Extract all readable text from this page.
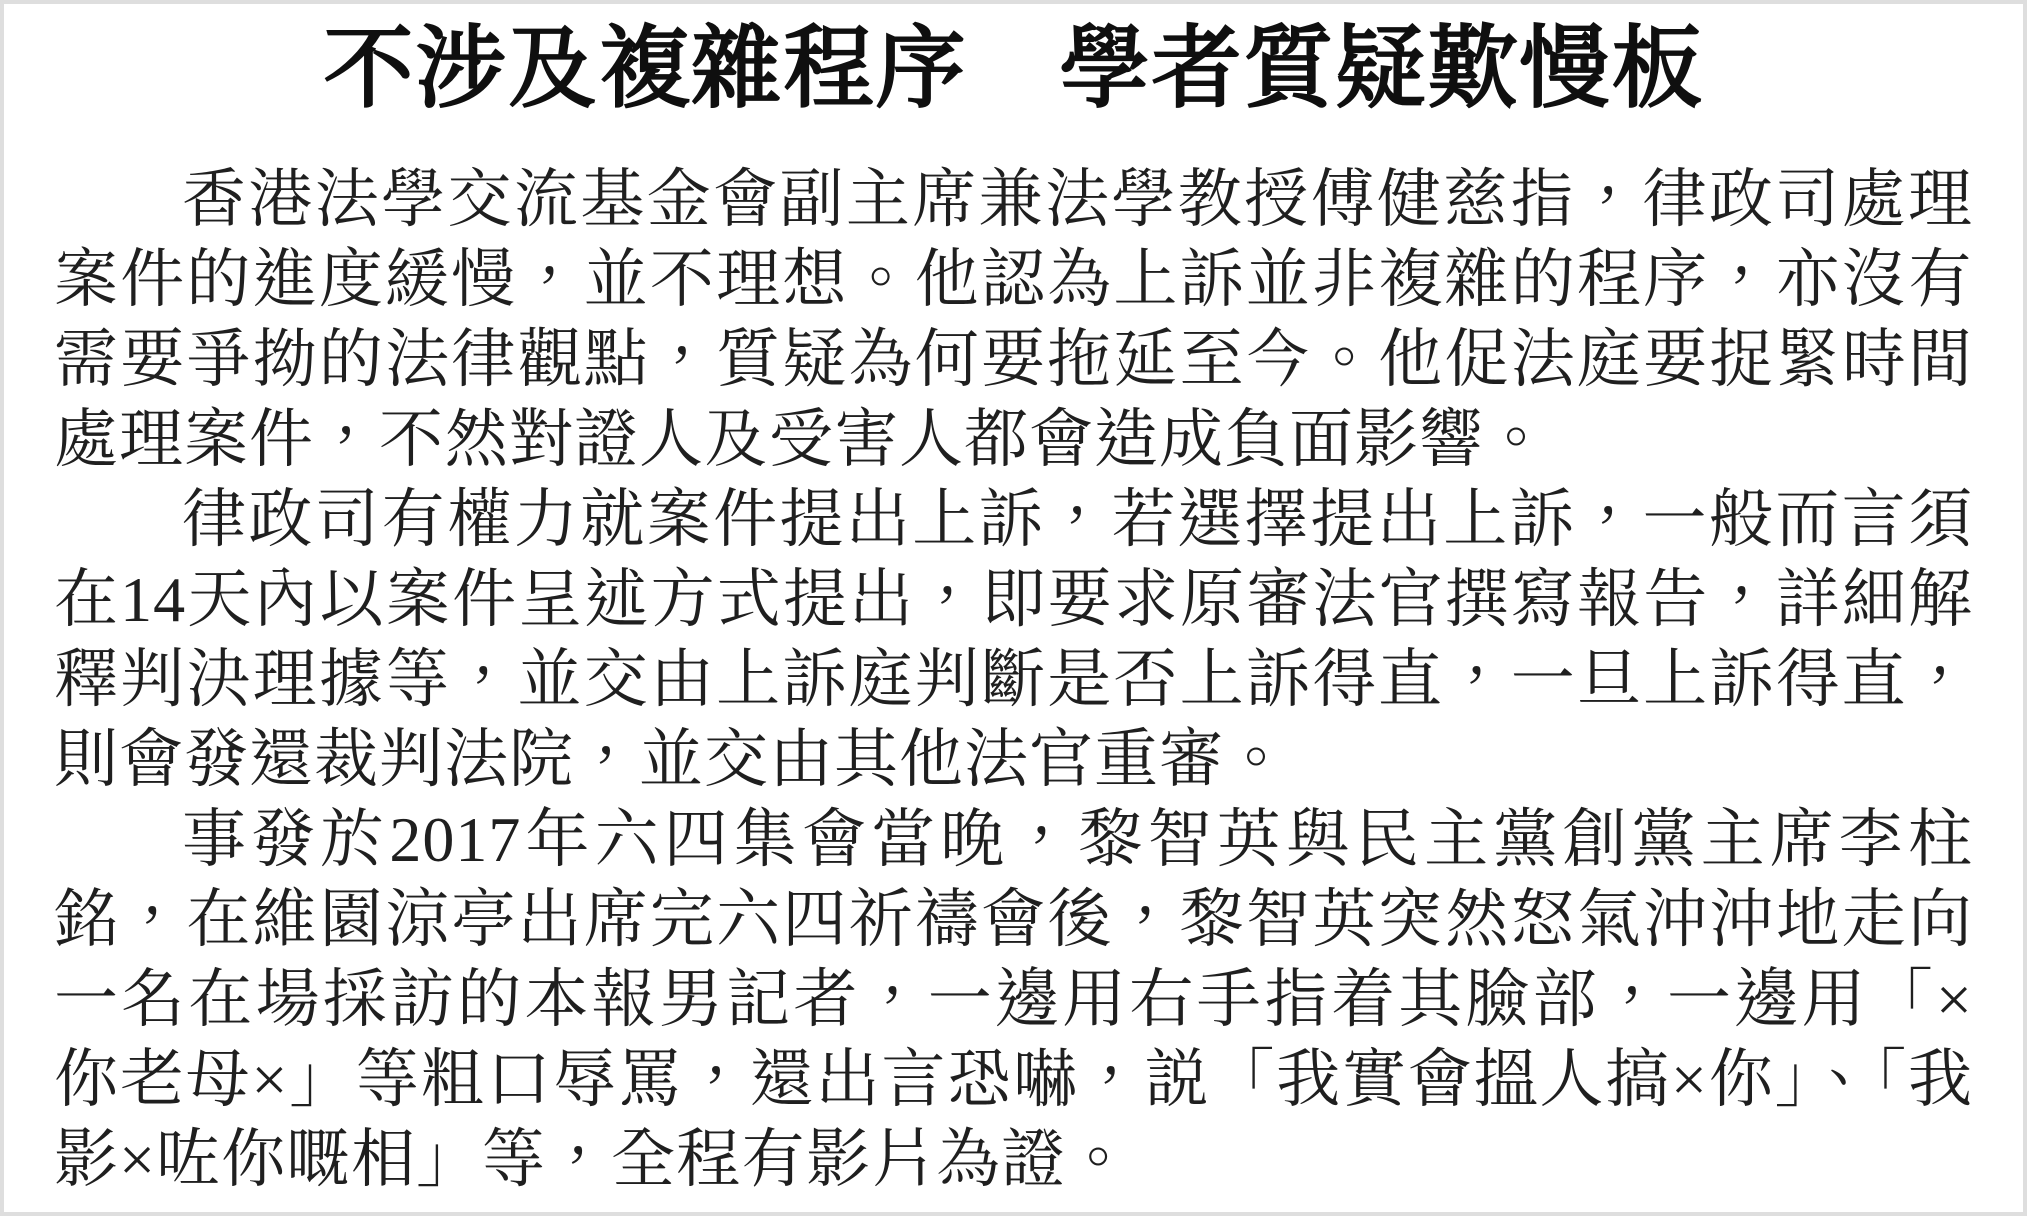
不涉及複雜程序　學者質疑歎慢板

香港法學交流基金會副主席兼法學教授傅健慈指，律政司處理案件的進度緩慢，並不理想。他認為上訴並非複雜的程序，亦沒有需要爭拗的法律觀點，質疑為何要拖延至今。他促法庭要捉緊時間處理案件，不然對證人及受害人都會造成負面影響。

律政司有權力就案件提出上訴，若選擇提出上訴，一般而言須在14天內以案件呈述方式提出，即要求原審法官撰寫報告，詳細解釋判決理據等，並交由上訴庭判斷是否上訴得直，一旦上訴得直，則會發還裁判法院，並交由其他法官重審。

事發於2017年六四集會當晚，黎智英與民主黨創黨主席李柱銘，在維園涼亭出席完六四祈禱會後，黎智英突然怒氣沖沖地走向一名在場採訪的本報男記者，一邊用右手指着其臉部，一邊用「×你老母×」等粗口辱罵，還出言恐嚇，説「我實會搵人搞×你」、「我影×咗你嘅相」等，全程有影片為證。
